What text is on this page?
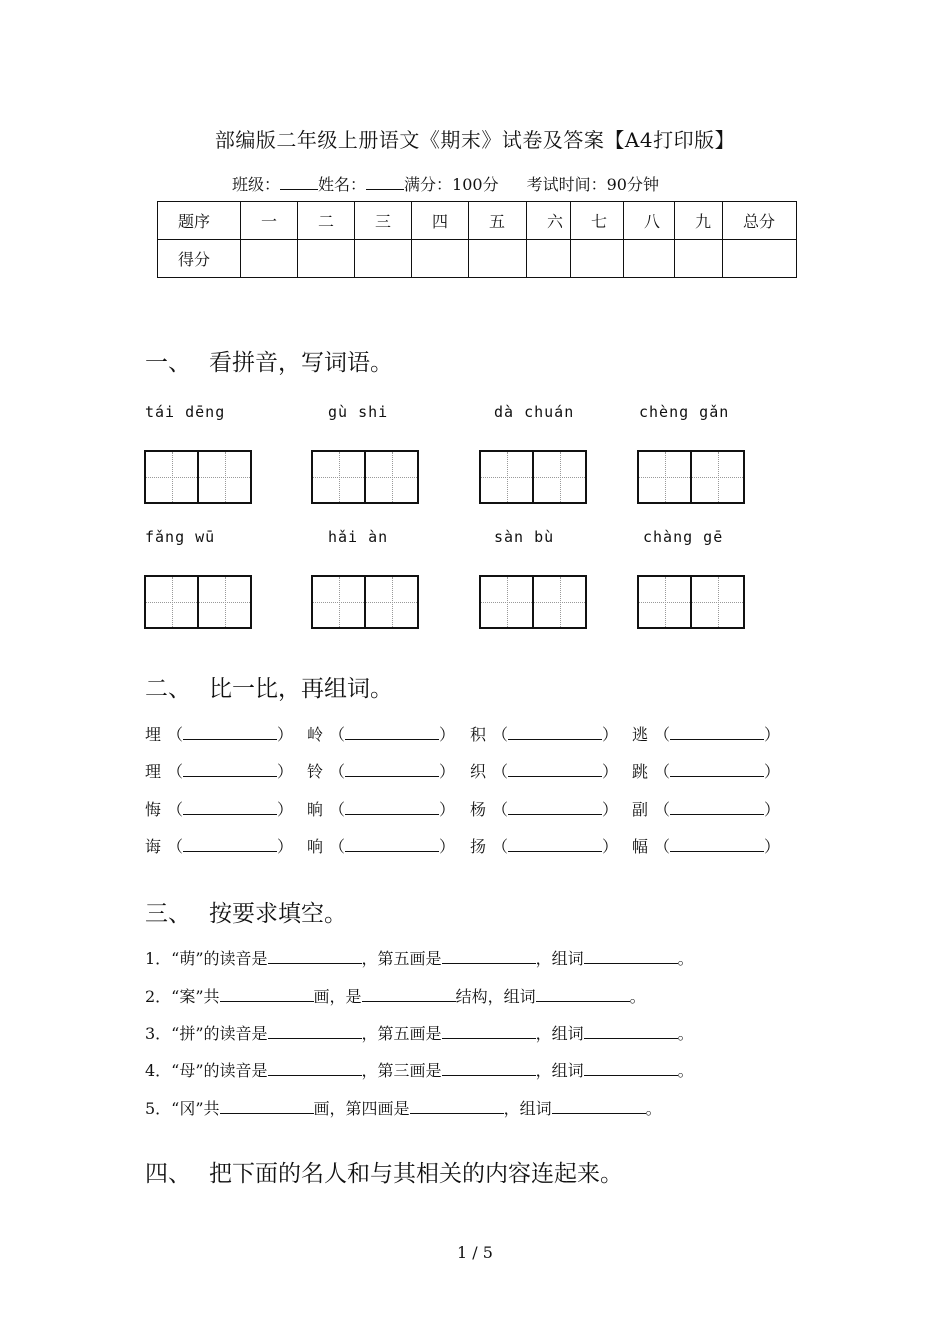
部编版二年级上册语文《期末》试卷及答案【A4打印版】
班级： 姓名： 满分：100分 考试时间：90分钟
题序	一	二	三	四	五	六	七	八	九	总分
得分										
一、 看拼音，写词语。
tái dēng	gù shi	dà chuán	chèng gǎn
fǎng wū	hǎi àn	sàn bù	chàng gē
二、 比一比，再组词。
埋 （	） 岭 （	） 积 （	） 逃 （	）
理 （	） 铃 （	） 织 （	） 跳 （	）
悔 （	） 晌 （	） 杨 （	） 副 （	）
诲 （	） 响 （	） 扬 （	） 幅 （	）
三、 按要求填空。
1．“萌”的读音是	，第五画是	，组词	。
2．“案”共	画，是	结构，组词	。
3．“拼”的读音是	，第五画是	，组词	。
4．“母”的读音是	，第三画是	，组词	。
5．“冈”共	画，第四画是	，组词	。
四、 把下面的名人和与其相关的内容连起来。
1 / 5
